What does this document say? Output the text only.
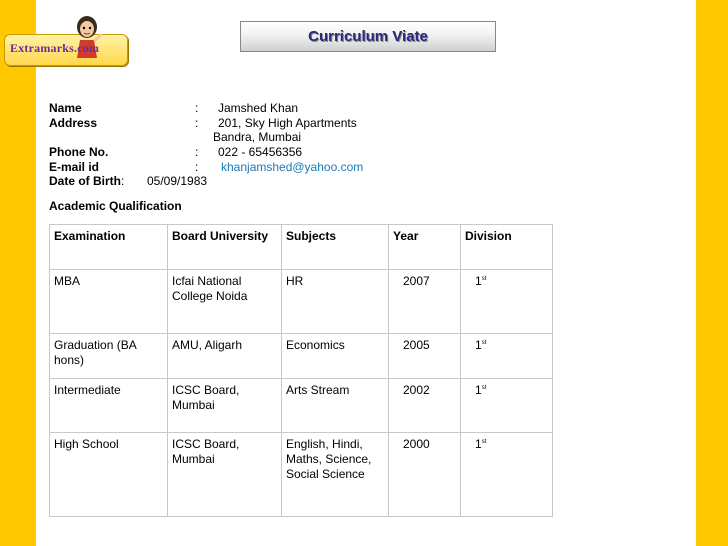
Extramarks.com
Curriculum Viate
Name	: Jamshed Khan
Address	: 201, Sky High Apartments
Bandra, Mumbai
Phone No.	: 022 - 65456356
E-mail id	: khanjamshed@yahoo.com
Date of Birth : 05/09/1983
Academic Qualification
Examination	Board University	Subjects	Year	Division
MBA	Icfai National College Noida	HR	2007	1st
Graduation (BA hons)	AMU, Aligarh	Economics	2005	1st
Intermediate	ICSC Board, Mumbai	Arts Stream	2002	1st
High School	ICSC Board, Mumbai	English, Hindi, Maths, Science, Social Science	2000	1st
